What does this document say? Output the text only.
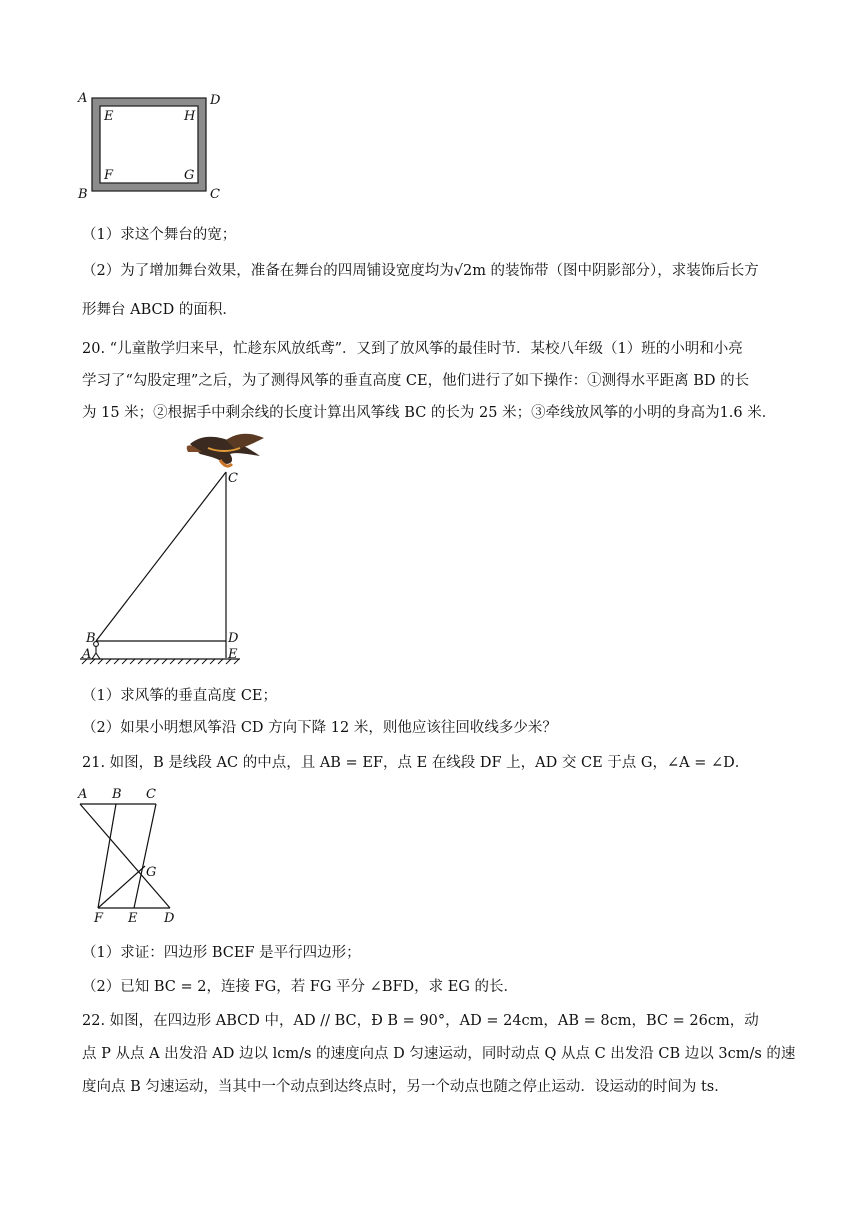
A	D
E	H
F	G
B	C
（1）求这个舞台的宽；
（2）为了增加舞台效果，准备在舞台的四周铺设宽度均为√2m 的装饰带（图中阴影部分），求装饰后长方
形舞台 ABCD 的面积．
20. “儿童散学归来早，忙趁东风放纸鸢”．又到了放风筝的最佳时节．某校八年级（1）班的小明和小亮
学习了“勾股定理”之后，为了测得风筝的垂直高度 CE，他们进行了如下操作：①测得水平距离 BD 的长
为 15 米；②根据手中剩余线的长度计算出风筝线 BC 的长为 25 米；③牵线放风筝的小明的身高为1.6 米．
C
B
A
D
E
（1）求风筝的垂直高度 CE；
（2）如果小明想风筝沿 CD 方向下降 12 米，则他应该往回收线多少米？
21. 如图，B 是线段 AC 的中点，且 AB = EF，点 E 在线段 DF 上，AD 交 CE 于点 G，∠A = ∠D．
A B C
G
F E D
（1）求证：四边形 BCEF 是平行四边形；
（2）已知 BC = 2，连接 FG，若 FG 平分 ∠BFD，求 EG 的长．
22. 如图，在四边形 ABCD 中，AD // BC，Ð B = 90°，AD = 24cm，AB = 8cm，BC = 26cm，动
点 P 从点 A 出发沿 AD 边以 lcm/s 的速度向点 D 匀速运动，同时动点 Q 从点 C 出发沿 CB 边以 3cm/s 的速
度向点 B 匀速运动，当其中一个动点到达终点时，另一个动点也随之停止运动．设运动的时间为 ts．
